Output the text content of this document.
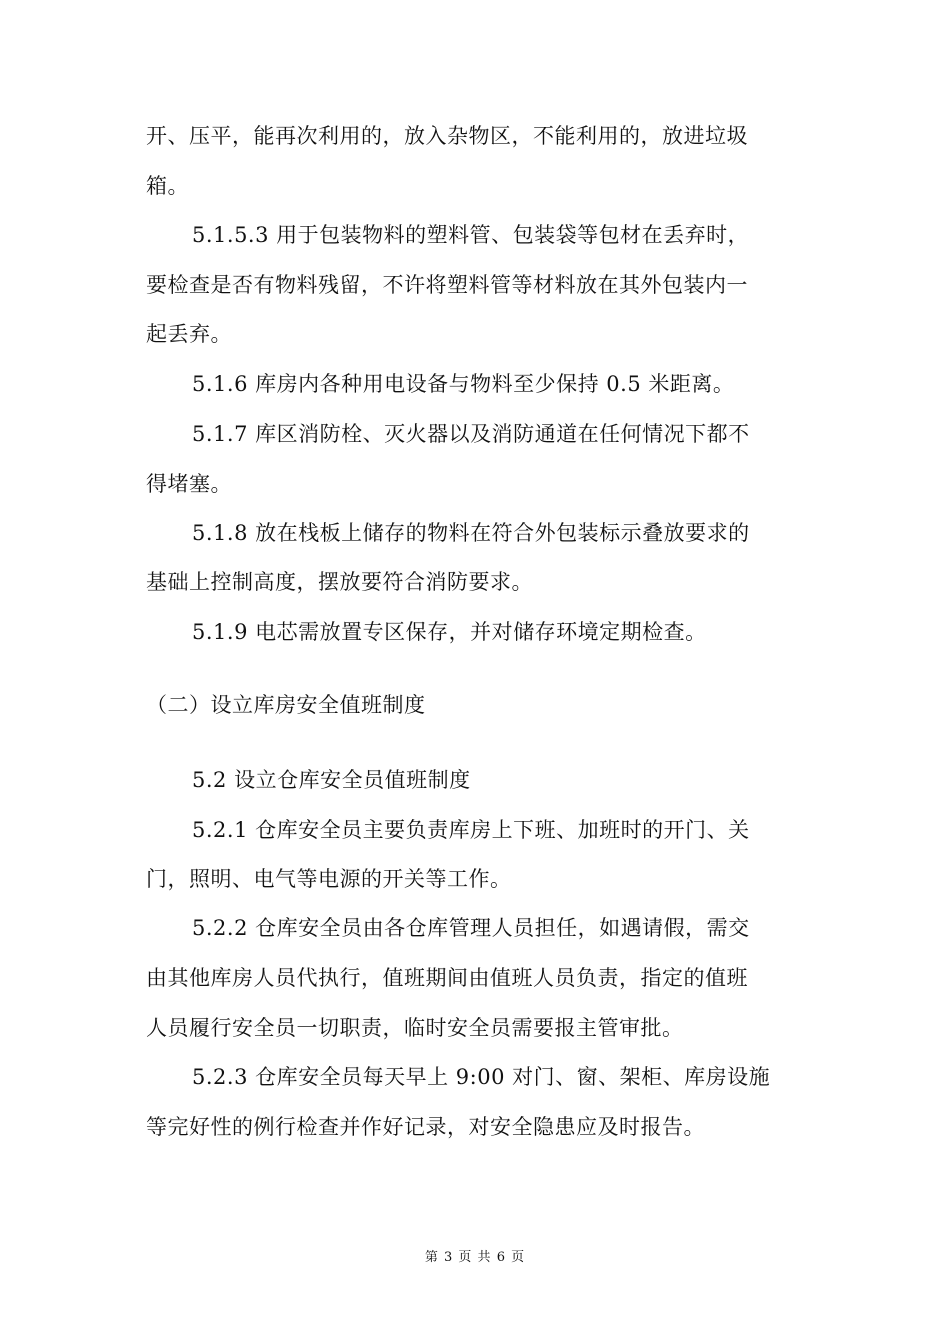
开、压平，能再次利用的，放入杂物区，不能利用的，放进垃圾
箱。
5.1.5.3 用于包装物料的塑料管、包装袋等包材在丢弃时，
要检查是否有物料残留，不许将塑料管等材料放在其外包装内一
起丢弃。
5.1.6 库房内各种用电设备与物料至少保持 0.5 米距离。
5.1.7 库区消防栓、灭火器以及消防通道在任何情况下都不
得堵塞。
5.1.8 放在栈板上储存的物料在符合外包装标示叠放要求的
基础上控制高度，摆放要符合消防要求。
5.1.9 电芯需放置专区保存，并对储存环境定期检查。
（二）设立库房安全值班制度
5.2 设立仓库安全员值班制度
5.2.1 仓库安全员主要负责库房上下班、加班时的开门、关
门，照明、电气等电源的开关等工作。
5.2.2 仓库安全员由各仓库管理人员担任，如遇请假，需交
由其他库房人员代执行，值班期间由值班人员负责，指定的值班
人员履行安全员一切职责，临时安全员需要报主管审批。
5.2.3 仓库安全员每天早上 9:00 对门、窗、架柜、库房设施
等完好性的例行检查并作好记录，对安全隐患应及时报告。
第 3 页 共 6 页
